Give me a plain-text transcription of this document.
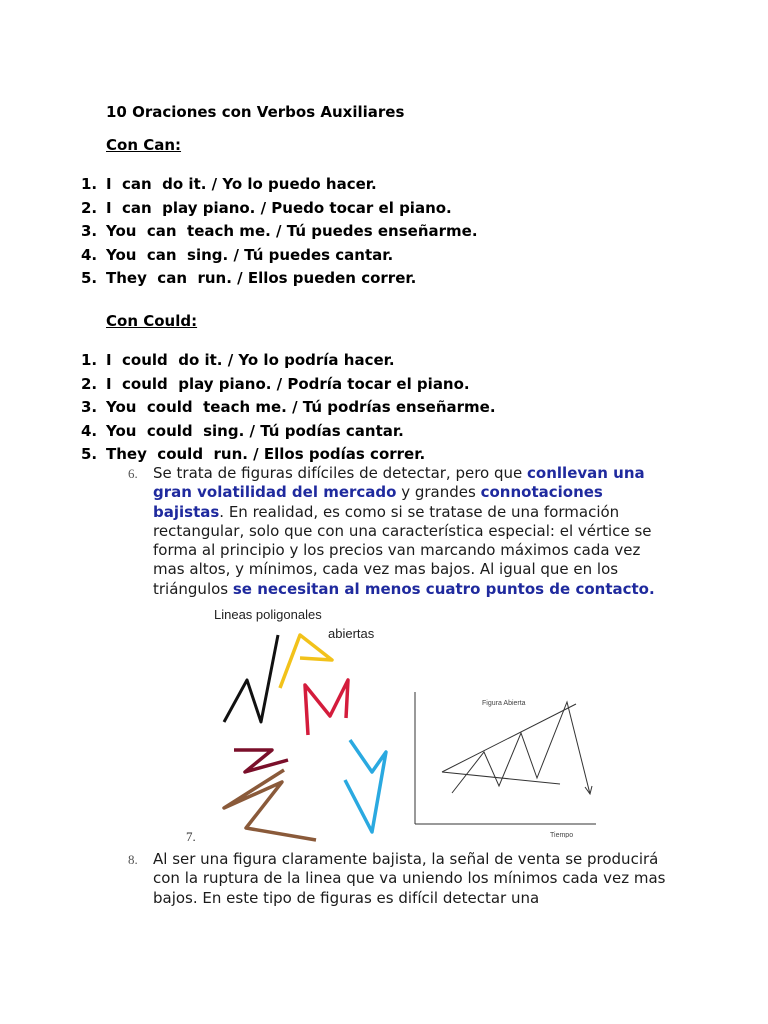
10 Oraciones con Verbos Auxiliares
Con Can:
1. I  can  do it. / Yo lo puedo hacer.
2. I  can  play piano. / Puedo tocar el piano.
3. You  can  teach me. / Tú puedes enseñarme.
4. You  can  sing. / Tú puedes cantar.
5. They  can  run. / Ellos pueden correr.
Con Could:
1. I  could  do it. / Yo lo podría hacer.
2. I  could  play piano. / Podría tocar el piano.
3. You  could  teach me. / Tú podrías enseñarme.
4. You  could  sing. / Tú podías cantar.
5. They  could  run. / Ellos podías correr.
6. Se trata de figuras difíciles de detectar, pero que conllevan una gran volatilidad del mercado y grandes connotaciones bajistas. En realidad, es como si se tratase de una formación rectangular, solo que con una característica especial: el vértice se forma al principio y los precios van marcando máximos cada vez mas altos, y mínimos, cada vez mas bajos. Al igual que en los triángulos se necesitan al menos cuatro puntos de contacto.
Lineas poligonales
abiertas
Figura Abierta
Tiempo
7.
8. Al ser una figura claramente bajista, la señal de venta se producirá con la ruptura de la linea que va uniendo los mínimos cada vez mas bajos. En este tipo de figuras es difícil detectar una
